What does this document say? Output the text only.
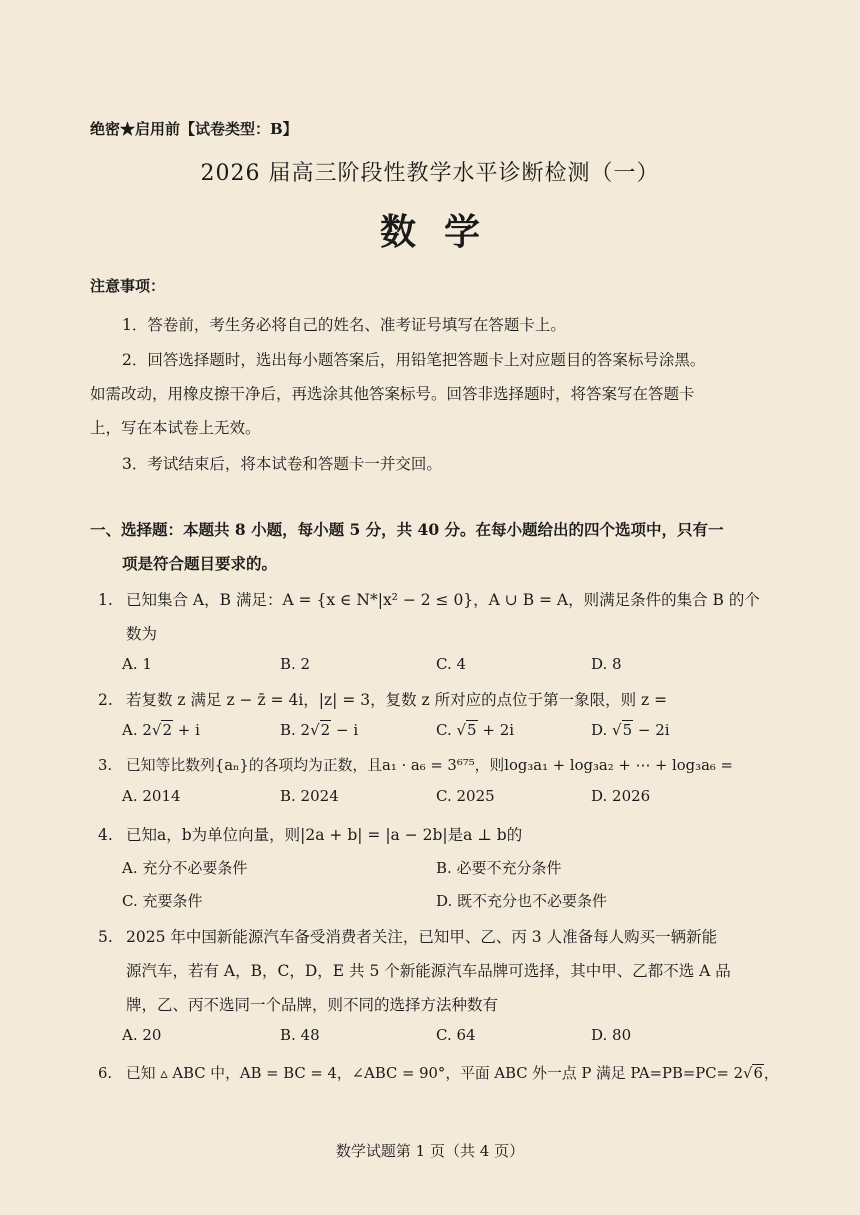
绝密★启用前【试卷类型：B】
2026 届高三阶段性教学水平诊断检测（一）
数学
注意事项：
1．答卷前，考生务必将自己的姓名、准考证号填写在答题卡上。
2．回答选择题时，选出每小题答案后，用铅笔把答题卡上对应题目的答案标号涂黑。
如需改动，用橡皮擦干净后，再选涂其他答案标号。回答非选择题时，将答案写在答题卡
上，写在本试卷上无效。
3．考试结束后，将本试卷和答题卡一并交回。
一、选择题：本题共 8 小题，每小题 5 分，共 40 分。在每小题给出的四个选项中，只有一
项是符合题目要求的。
1. 已知集合 A，B 满足：A = {x ∈ N*|x² − 2 ≤ 0}，A ∪ B = A，则满足条件的集合 B 的个
数为
A. 1	B. 2	C. 4	D. 8
2. 若复数 z 满足 z − z̄ = 4i，|z| = 3，复数 z 所对应的点位于第一象限，则 z =
A. 2√2 + i	B. 2√2 − i	C. √5 + 2i	D. √5 − 2i
3. 已知等比数列{aₙ}的各项均为正数，且a₁ · a₆ = 3⁶⁷⁵，则log₃a₁ + log₃a₂ + ⋯ + log₃a₆ =
A. 2014	B. 2024	C. 2025	D. 2026
4. 已知a，b为单位向量，则|2a + b| = |a − 2b|是a ⊥ b的
A. 充分不必要条件	B. 必要不充分条件
C. 充要条件	D. 既不充分也不必要条件
5. 2025 年中国新能源汽车备受消费者关注，已知甲、乙、丙 3 人准备每人购买一辆新能
源汽车，若有 A，B，C，D，E 共 5 个新能源汽车品牌可选择，其中甲、乙都不选 A 品
牌，乙、丙不选同一个品牌，则不同的选择方法种数有
A. 20	B. 48	C. 64	D. 80
6. 已知 ▵ ABC 中，AB = BC = 4，∠ABC = 90°，平面 ABC 外一点 P 满足 PA=PB=PC= 2√6，
数学试题第 1 页（共 4 页）
